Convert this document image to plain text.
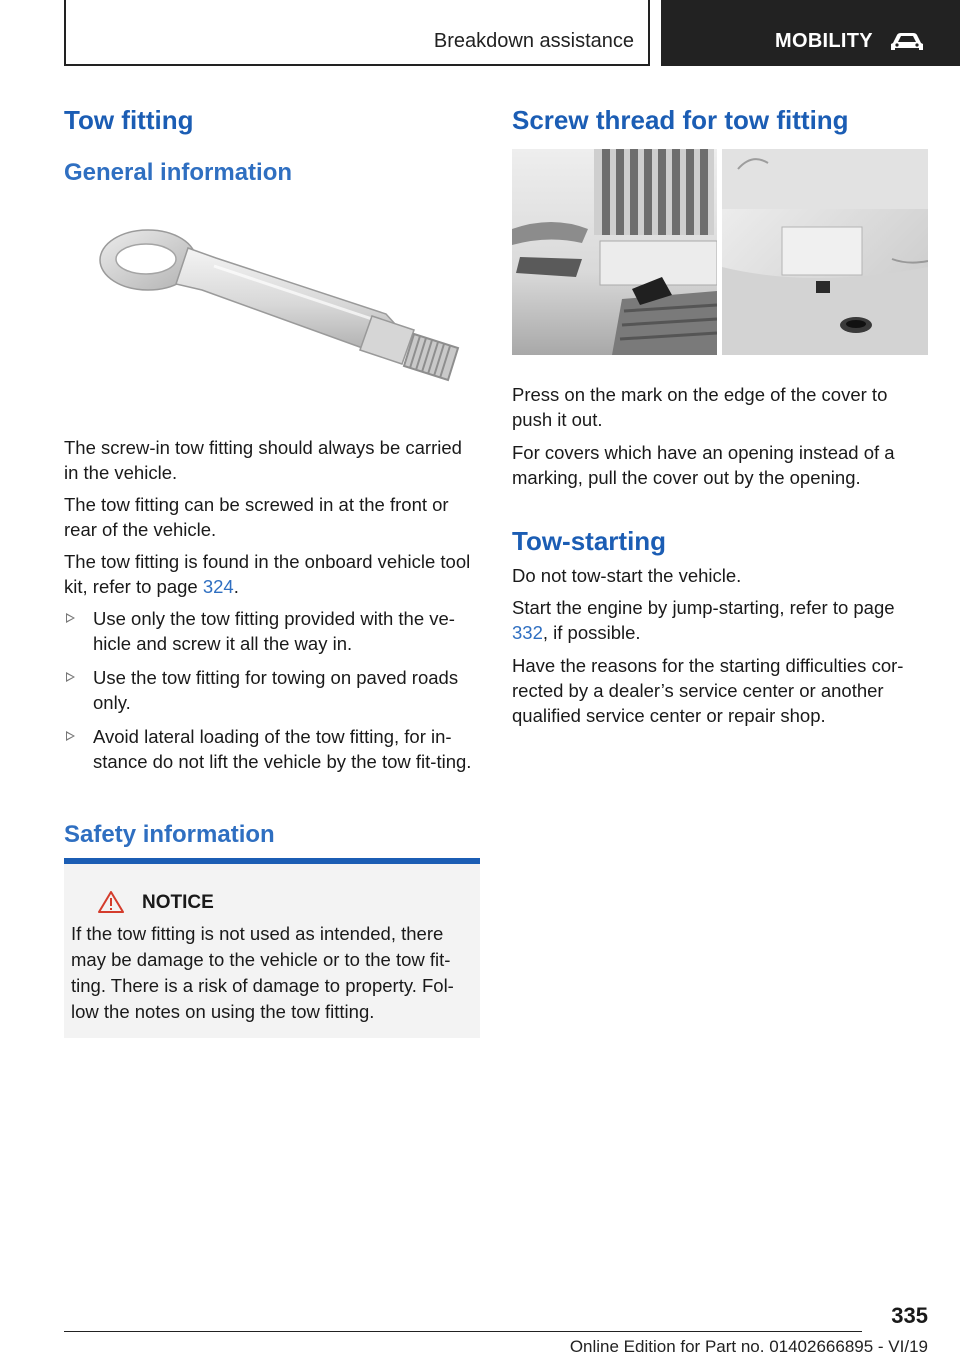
Breakdown assistance	MOBILITY
Tow fitting
General information

The screw-in tow fitting should always be carried in the vehicle.

The tow fitting can be screwed in at the front or rear of the vehicle.

The tow fitting is found in the onboard vehicle tool kit, refer to page 324.

Use only the tow fitting provided with the ve‐hicle and screw it all the way in.
Use the tow fitting for towing on paved roads only.
Avoid lateral loading of the tow fitting, for in‐stance do not lift the vehicle by the tow fit‐ting.
Safety information
NOTICE

If the tow fitting is not used as intended, there may be damage to the vehicle or to the tow fit‐ting. There is a risk of damage to property. Fol‐low the notes on using the tow fitting.

Screw thread for tow fitting

Press on the mark on the edge of the cover to push it out.

For covers which have an opening instead of a marking, pull the cover out by the opening.

Tow-starting

Do not tow-start the vehicle.

Start the engine by jump-starting, refer to page 332, if possible.

Have the reasons for the starting difficulties cor‐rected by a dealer’s service center or another qualified service center or repair shop.

335
Online Edition for Part no. 01402666895 - VI/19
